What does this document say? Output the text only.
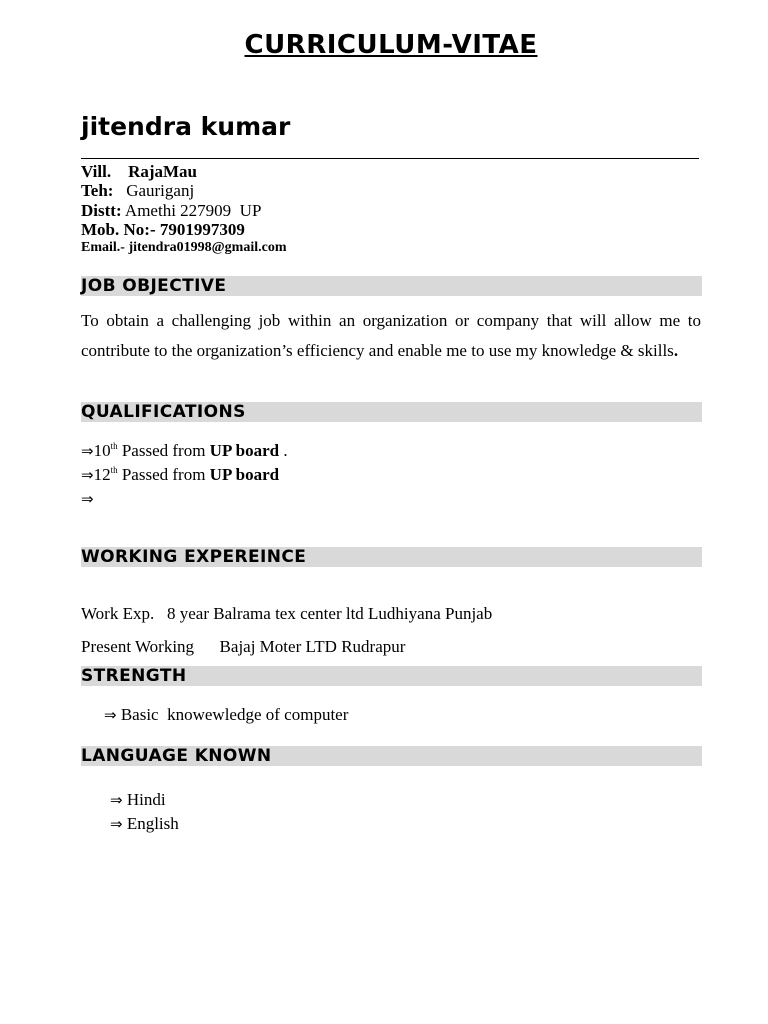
CURRICULUM-VITAE
jitendra kumar
Vill. RajaMau
Teh: Gauriganj
Distt: Amethi 227909  UP
Mob. No:- 7901997309
Email.- jitendra01998@gmail.com
JOB OBJECTIVE
To obtain a challenging job within an organization or company that will allow me to contribute to the organization’s efficiency and enable me to use my knowledge & skills.
QUALIFICATIONS
⇒10th Passed from UP board .
⇒12th Passed from UP board
⇒
WORKING EXPEREINCE
Work Exp.   8 year Balrama tex center ltd Ludhiyana Punjab
Present Working      Bajaj Moter LTD Rudrapur
STRENGTH
⇒ Basic  knowewledge of computer
LANGUAGE KNOWN
⇒ Hindi
⇒ English
